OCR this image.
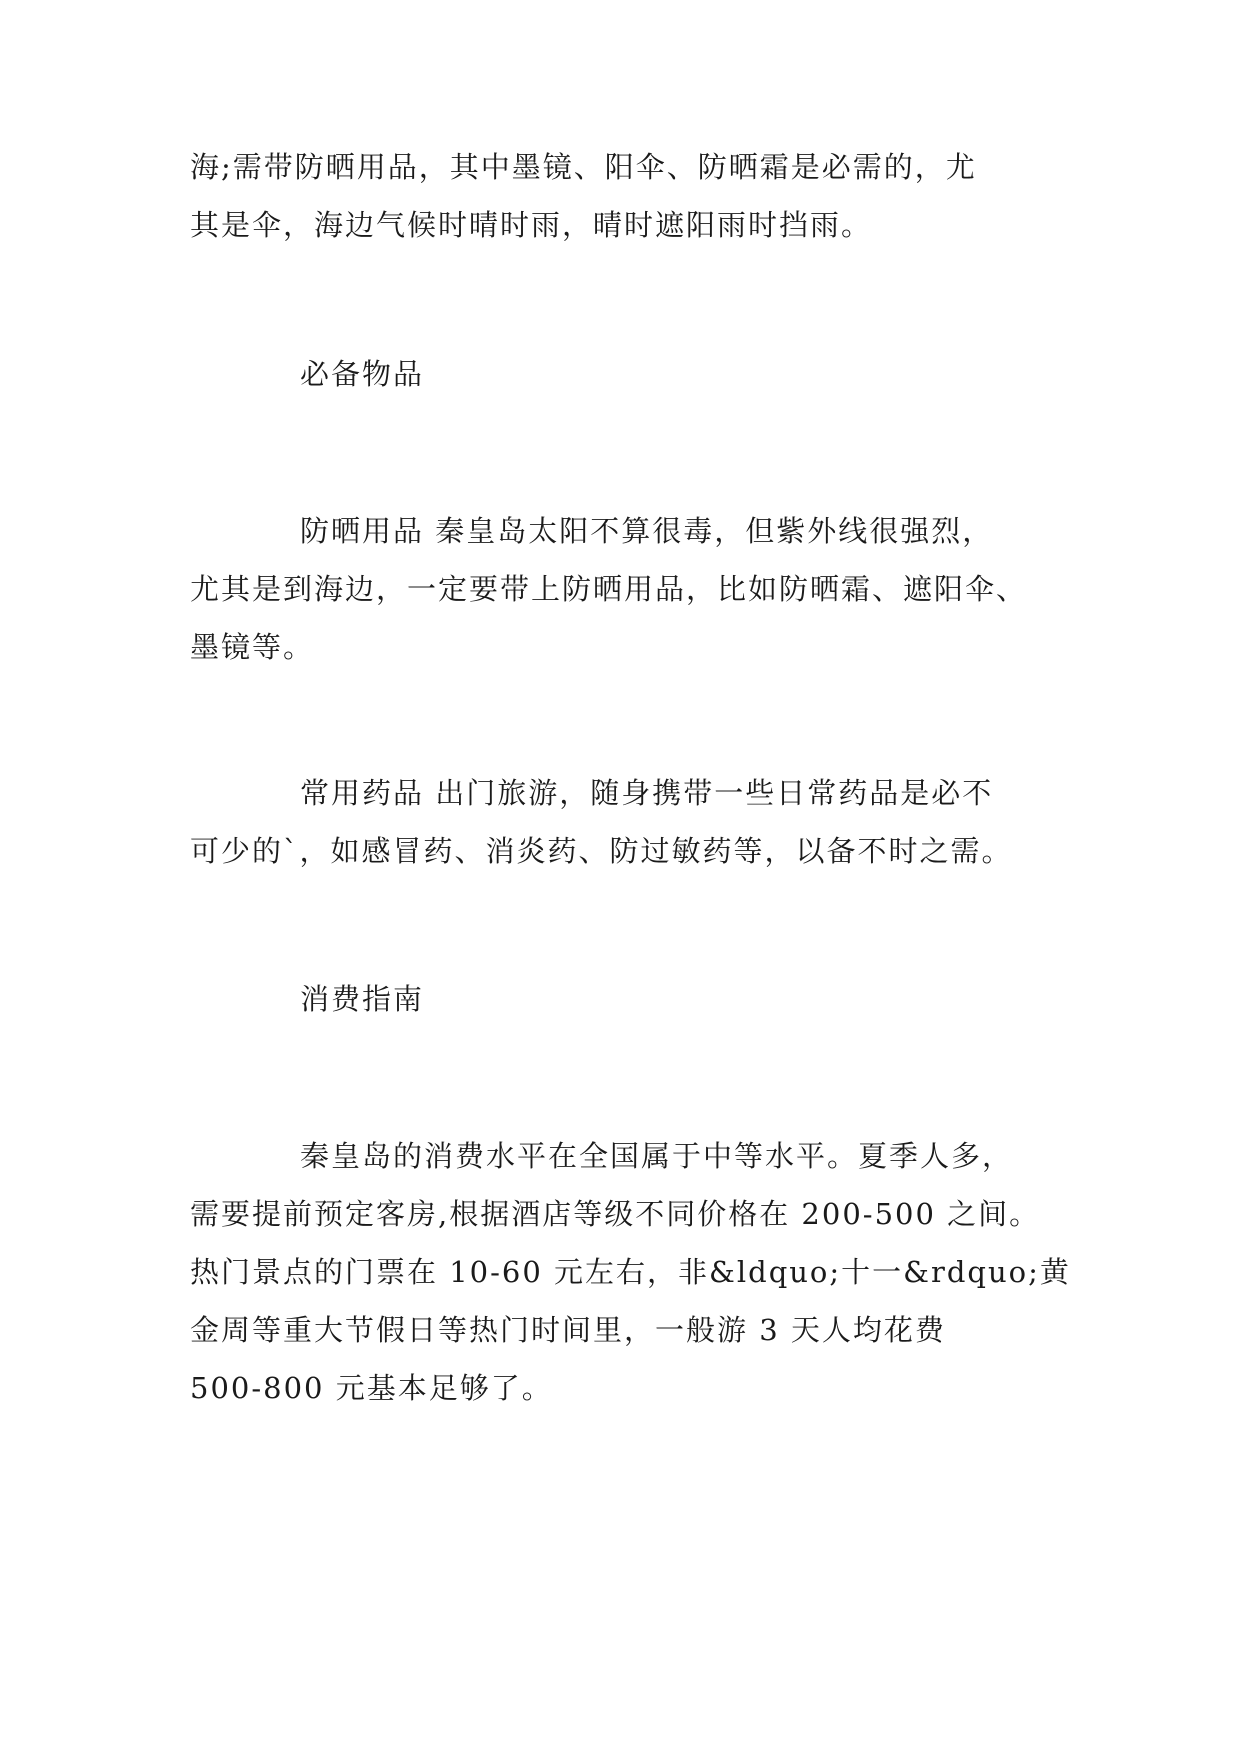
海;需带防晒用品，其中墨镜、阳伞、防晒霜是必需的，尤
其是伞，海边气候时晴时雨，晴时遮阳雨时挡雨。
必备物品
防晒用品 秦皇岛太阳不算很毒，但紫外线很强烈，
尤其是到海边，一定要带上防晒用品，比如防晒霜、遮阳伞、
墨镜等。
常用药品 出门旅游，随身携带一些日常药品是必不
可少的`，如感冒药、消炎药、防过敏药等，以备不时之需。
消费指南
秦皇岛的消费水平在全国属于中等水平。夏季人多，
需要提前预定客房,根据酒店等级不同价格在 200-500 之间。
热门景点的门票在 10-60 元左右，非&ldquo;十一&rdquo;黄
金周等重大节假日等热门时间里，一般游 3 天人均花费
500-800 元基本足够了。
